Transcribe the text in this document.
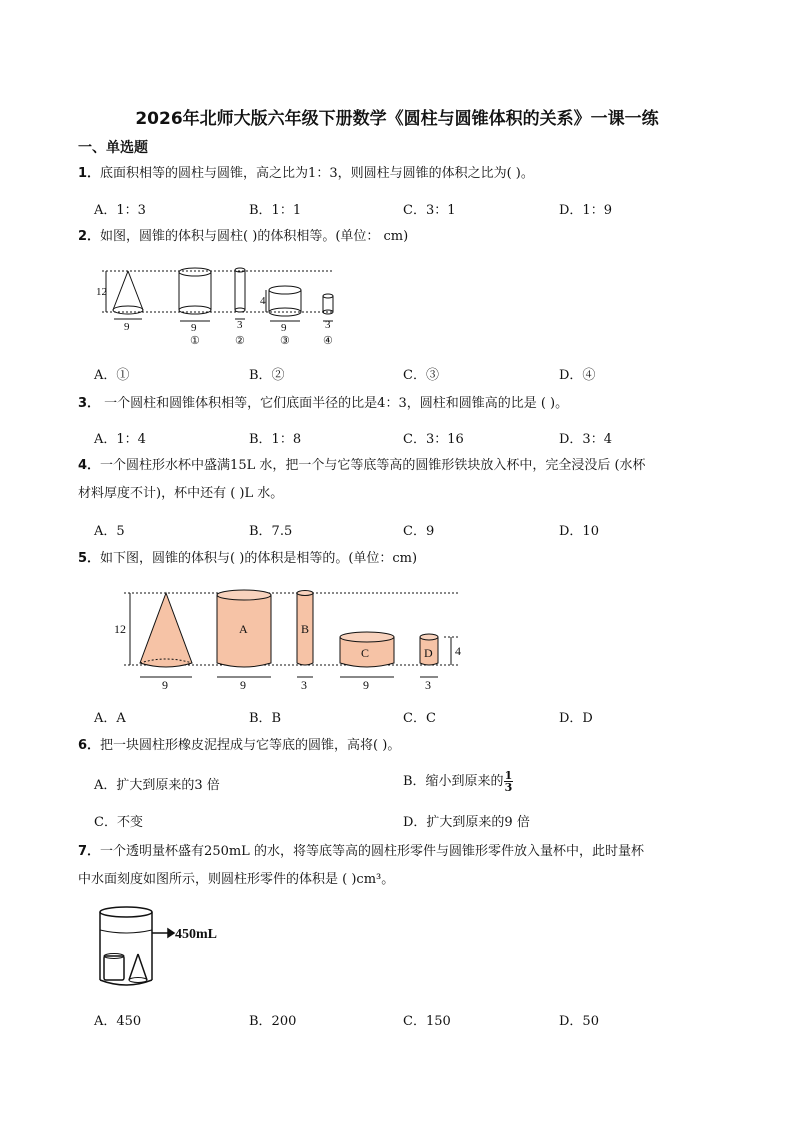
2026年北师大版六年级下册数学《圆柱与圆锥体积的关系》一课一练
一、单选题
1．底面积相等的圆柱与圆锥，高之比为1：3，则圆柱与圆锥的体积之比为( )。
A．1：3	B．1：1	C．3：1	D．1：9
2．如图，圆锥的体积与圆柱( )的体积相等。(单位： cm)
12
9	9	3
4
9	3
①	②	③	④
A．①	B．②	C．③	D．④
3． 一个圆柱和圆锥体积相等，它们底面半径的比是4：3，圆柱和圆锥高的比是 ( )。
A．1：4	B．1：8	C．3：16	D．3：4
4．一个圆柱形水杯中盛满15L 水，把一个与它等底等高的圆锥形铁块放入杯中，完全浸没后 (水杯
材料厚度不计)，杯中还有 ( )L 水。
A．5	B．7.5	C．9	D．10
5．如下图，圆锥的体积与( )的体积是相等的。(单位：cm)
12
9	9	3	9	3
4
A	B
C	D
A．A	B．B	C．C	D．D
6．把一块圆柱形橡皮泥捏成与它等底的圆锥，高将( )。
A．扩大到原来的3 倍	B．缩小到原来的 $\frac{1}{3}$
C．不变	D．扩大到原来的9 倍
7．一个透明量杯盛有250mL 的水，将等底等高的圆柱形零件与圆锥形零件放入量杯中，此时量杯
中水面刻度如图所示，则圆柱形零件的体积是 ( )cm³。
450mL
A．450	B．200	C．150	D．50
